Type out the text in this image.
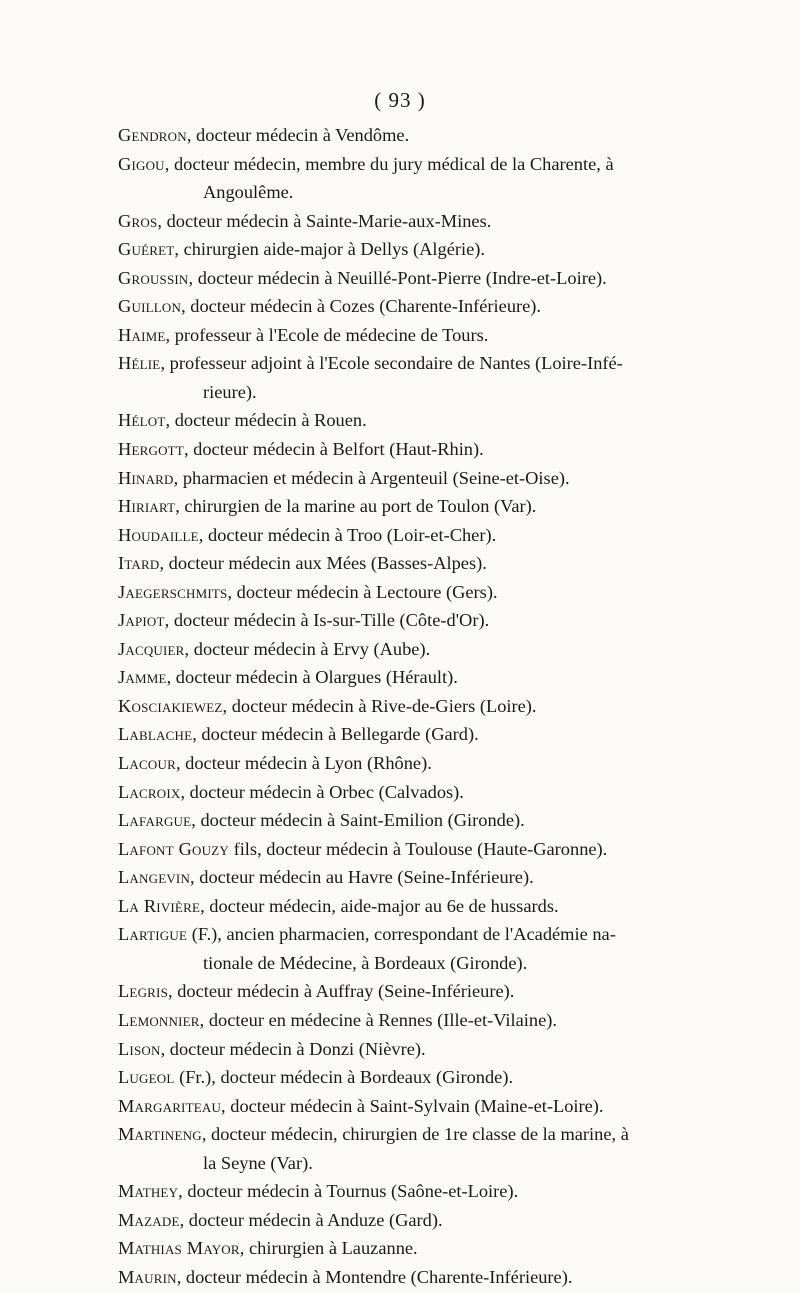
( 93 )
Gendron, docteur médecin à Vendôme.
Gigou, docteur médecin, membre du jury médical de la Charente, à
Angoulême.
Gros, docteur médecin à Sainte-Marie-aux-Mines.
Guéret, chirurgien aide-major à Dellys (Algérie).
Groussin, docteur médecin à Neuillé-Pont-Pierre (Indre-et-Loire).
Guillon, docteur médecin à Cozes (Charente-Inférieure).
Haime, professeur à l'Ecole de médecine de Tours.
Hélie, professeur adjoint à l'Ecole secondaire de Nantes (Loire-Infé-
rieure).
Hélot, docteur médecin à Rouen.
Hergott, docteur médecin à Belfort (Haut-Rhin).
Hinard, pharmacien et médecin à Argenteuil (Seine-et-Oise).
Hiriart, chirurgien de la marine au port de Toulon (Var).
Houdaille, docteur médecin à Troo (Loir-et-Cher).
Itard, docteur médecin aux Mées (Basses-Alpes).
Jaegerschmits, docteur médecin à Lectoure (Gers).
Japiot, docteur médecin à Is-sur-Tille (Côte-d'Or).
Jacquier, docteur médecin à Ervy (Aube).
Jamme, docteur médecin à Olargues (Hérault).
Kosciakiewez, docteur médecin à Rive-de-Giers (Loire).
Lablache, docteur médecin à Bellegarde (Gard).
Lacour, docteur médecin à Lyon (Rhône).
Lacroix, docteur médecin à Orbec (Calvados).
Lafargue, docteur médecin à Saint-Emilion (Gironde).
Lafont Gouzy fils, docteur médecin à Toulouse (Haute-Garonne).
Langevin, docteur médecin au Havre (Seine-Inférieure).
La Rivière, docteur médecin, aide-major au 6e de hussards.
Lartigue (F.), ancien pharmacien, correspondant de l'Académie na-
tionale de Médecine, à Bordeaux (Gironde).
Legris, docteur médecin à Auffray (Seine-Inférieure).
Lemonnier, docteur en médecine à Rennes (Ille-et-Vilaine).
Lison, docteur médecin à Donzi (Nièvre).
Lugeol (Fr.), docteur médecin à Bordeaux (Gironde).
Margariteau, docteur médecin à Saint-Sylvain (Maine-et-Loire).
Martineng, docteur médecin, chirurgien de 1re classe de la marine, à
la Seyne (Var).
Mathey, docteur médecin à Tournus (Saône-et-Loire).
Mazade, docteur médecin à Anduze (Gard).
Mathias Mayor, chirurgien à Lauzanne.
Maurin, docteur médecin à Montendre (Charente-Inférieure).
